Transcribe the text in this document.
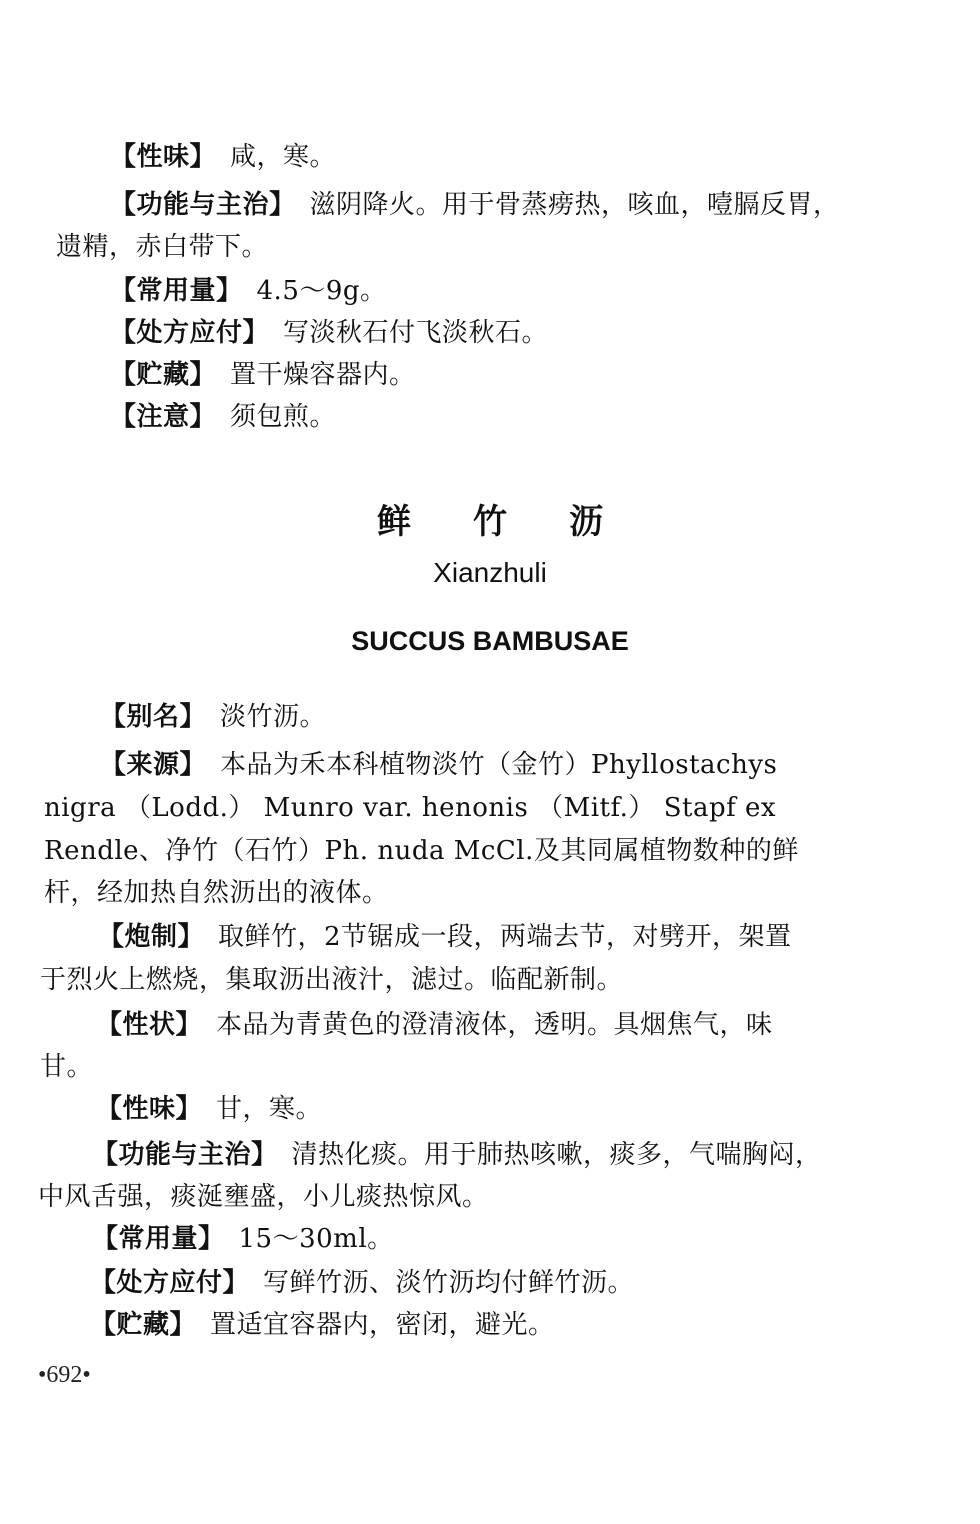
【性味】 咸，寒。
【功能与主治】 滋阴降火。用于骨蒸痨热，咳血，噎膈反胃，
遗精，赤白带下。
【常用量】 4.5～9g。
【处方应付】 写淡秋石付飞淡秋石。
【贮藏】 置干燥容器内。
【注意】 须包煎。
鲜竹沥
Xianzhuli
SUCCUS BAMBUSAE
【别名】 淡竹沥。
【来源】 本品为禾本科植物淡竹（金竹）Phyllostachys
nigra （Lodd.） Munro var. henonis （Mitf.） Stapf ex
Rendle、净竹（石竹）Ph. nuda McCl.及其同属植物数种的鲜
杆，经加热自然沥出的液体。
【炮制】 取鲜竹，2节锯成一段，两端去节，对劈开，架置
于烈火上燃烧，集取沥出液汁，滤过。临配新制。
【性状】 本品为青黄色的澄清液体，透明。具烟焦气，味
甘。
【性味】 甘，寒。
【功能与主治】 清热化痰。用于肺热咳嗽，痰多，气喘胸闷，
中风舌强，痰涎壅盛，小儿痰热惊风。
【常用量】 15～30ml。
【处方应付】 写鲜竹沥、淡竹沥均付鲜竹沥。
【贮藏】 置适宜容器内，密闭，避光。
•692•
